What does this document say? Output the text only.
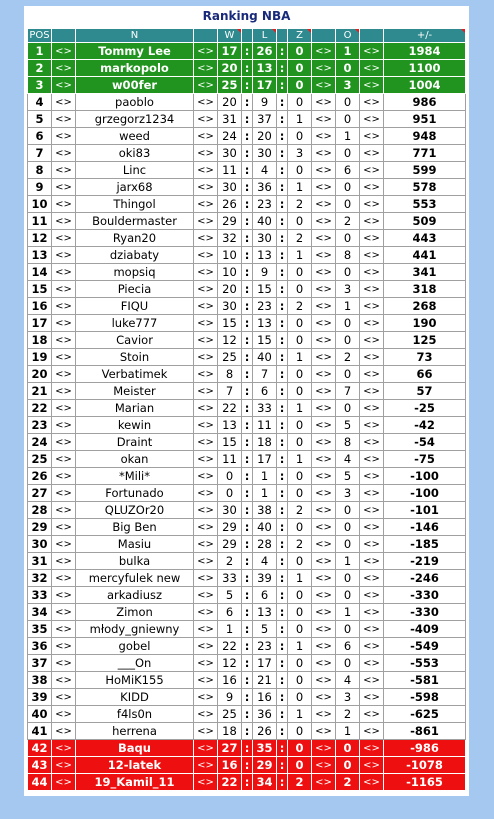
Ranking NBA
POS		N		W		L		Z		O		+/-
1	<>	Tommy Lee	<>	17	:	26	:	0	<>	1	<>	1984
2	<>	markopolo	<>	20	:	13	:	0	<>	0	<>	1100
3	<>	w00fer	<>	25	:	17	:	0	<>	3	<>	1004
4	<>	paoblo	<>	20	:	9	:	0	<>	0	<>	986
5	<>	grzegorz1234	<>	31	:	37	:	1	<>	0	<>	951
6	<>	weed	<>	24	:	20	:	0	<>	1	<>	948
7	<>	oki83	<>	30	:	30	:	3	<>	0	<>	771
8	<>	Linc	<>	11	:	4	:	0	<>	6	<>	599
9	<>	jarx68	<>	30	:	36	:	1	<>	0	<>	578
10	<>	Thingol	<>	26	:	23	:	2	<>	0	<>	553
11	<>	Bouldermaster	<>	29	:	40	:	0	<>	2	<>	509
12	<>	Ryan20	<>	32	:	30	:	2	<>	0	<>	443
13	<>	dziabaty	<>	10	:	13	:	1	<>	8	<>	441
14	<>	mopsiq	<>	10	:	9	:	0	<>	0	<>	341
15	<>	Piecia	<>	20	:	15	:	0	<>	3	<>	318
16	<>	FIQU	<>	30	:	23	:	2	<>	1	<>	268
17	<>	luke777	<>	15	:	13	:	0	<>	0	<>	190
18	<>	Cavior	<>	12	:	15	:	0	<>	0	<>	125
19	<>	Stoin	<>	25	:	40	:	1	<>	2	<>	73
20	<>	Verbatimek	<>	8	:	7	:	0	<>	0	<>	66
21	<>	Meister	<>	7	:	6	:	0	<>	7	<>	57
22	<>	Marian	<>	22	:	33	:	1	<>	0	<>	-25
23	<>	kewin	<>	13	:	11	:	0	<>	5	<>	-42
24	<>	Draint	<>	15	:	18	:	0	<>	8	<>	-54
25	<>	okan	<>	11	:	17	:	1	<>	4	<>	-75
26	<>	*Mili*	<>	0	:	1	:	0	<>	5	<>	-100
27	<>	Fortunado	<>	0	:	1	:	0	<>	3	<>	-100
28	<>	QLUZOr20	<>	30	:	38	:	2	<>	0	<>	-101
29	<>	Big Ben	<>	29	:	40	:	0	<>	0	<>	-146
30	<>	Masiu	<>	29	:	28	:	2	<>	0	<>	-185
31	<>	bulka	<>	2	:	4	:	0	<>	1	<>	-219
32	<>	mercyfulek new	<>	33	:	39	:	1	<>	0	<>	-246
33	<>	arkadiusz	<>	5	:	6	:	0	<>	0	<>	-330
34	<>	Zimon	<>	6	:	13	:	0	<>	1	<>	-330
35	<>	młody_gniewny	<>	1	:	5	:	0	<>	0	<>	-409
36	<>	gobel	<>	22	:	23	:	1	<>	6	<>	-549
37	<>	___On	<>	12	:	17	:	0	<>	0	<>	-553
38	<>	HoMiK155	<>	16	:	21	:	0	<>	4	<>	-581
39	<>	KIDD	<>	9	:	16	:	0	<>	3	<>	-598
40	<>	f4ls0n	<>	25	:	36	:	1	<>	2	<>	-625
41	<>	herrena	<>	18	:	26	:	0	<>	1	<>	-861
42	<>	Baqu	<>	27	:	35	:	0	<>	0	<>	-986
43	<>	12-latek	<>	16	:	29	:	0	<>	0	<>	-1078
44	<>	19_Kamil_11	<>	22	:	34	:	2	<>	2	<>	-1165
